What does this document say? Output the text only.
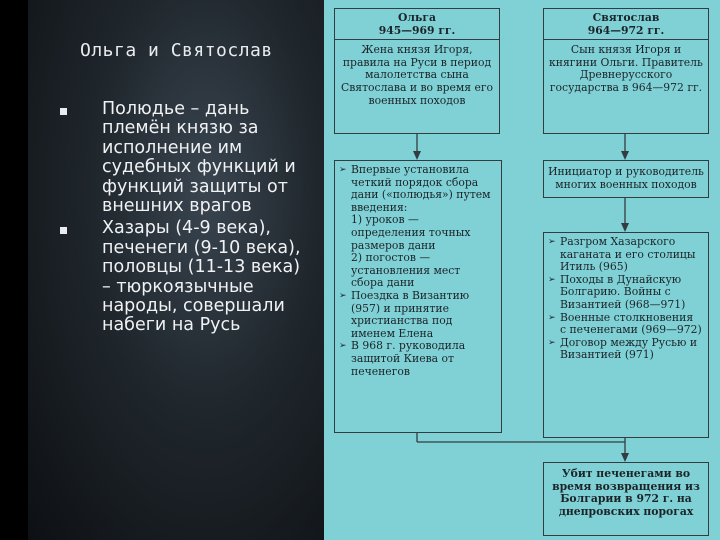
Ольга и Святослав
Полюдье – дань племён князю за исполнение им судебных функций и функций защиты от внешних врагов
Хазары (4-9 века), печенеги (9-10 века), половцы (11-13 века) – тюркоязычные народы, совершали набеги на Русь
Ольга
945—969 гг.
Жена князя Игоря, правила на Руси в период малолетства сына Святослава и во время его военных походов
Святослав
964—972 гг.
Сын князя Игоря и княгини Ольги. Правитель Древнерусского государства в 964—972 гг.
➢ Впервые установила четкий порядок сбора дани («полюдья») путем введения:
1) уроков — определения точных размеров дани
2) погостов — установления мест сбора дани
➢ Поездка в Византию (957) и принятие христианства под именем Елена
➢ В 968 г. руководила защитой Киева от печенегов
Инициатор и руководитель многих военных походов
➢ Разгром Хазарского каганата и его столицы Итиль (965)
➢ Походы в Дунайскую Болгарию. Войны с Византией (968—971)
➢ Военные столкновения с печенегами (969—972)
➢ Договор между Русью и Византией (971)
Убит печенегами во время возвращения из Болгарии в 972 г. на днепровских порогах
